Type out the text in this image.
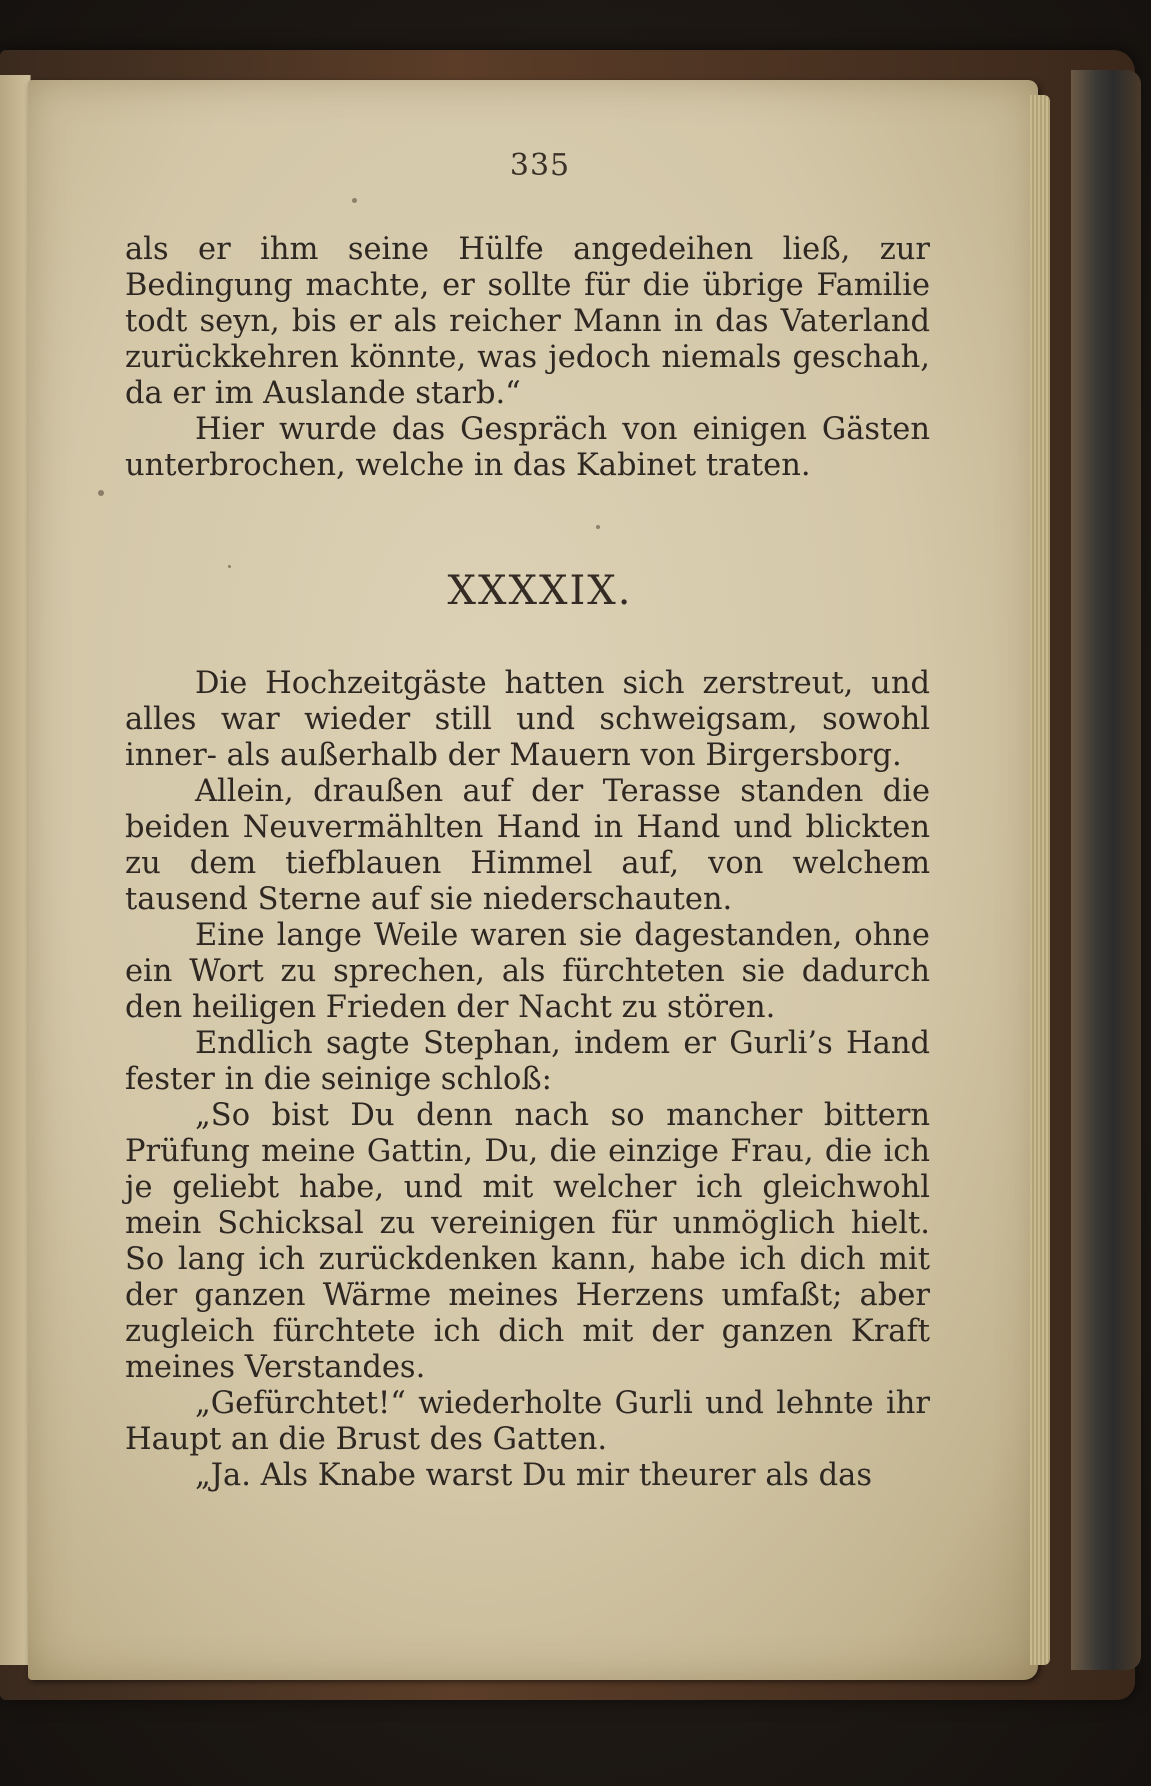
335

als er ihm seine Hülfe angedeihen ließ, zur Bedingung machte, er sollte für die übrige Familie todt seyn, bis er als reicher Mann in das Vaterland zurückkehren könnte, was jedoch niemals geschah, da er im Auslande starb.“

Hier wurde das Gespräch von einigen Gästen unterbrochen, welche in das Kabinet traten.

XXXXIX.

Die Hochzeitgäste hatten sich zerstreut, und alles war wieder still und schweigsam, sowohl inner- als außerhalb der Mauern von Birgersborg.

Allein, draußen auf der Terasse standen die beiden Neuvermählten Hand in Hand und blickten zu dem tiefblauen Himmel auf, von welchem tausend Sterne auf sie niederschauten.

Eine lange Weile waren sie dagestanden, ohne ein Wort zu sprechen, als fürchteten sie dadurch den heiligen Frieden der Nacht zu stören.

Endlich sagte Stephan, indem er Gurli’s Hand fester in die seinige schloß:

„So bist Du denn nach so mancher bittern Prüfung meine Gattin, Du, die einzige Frau, die ich je geliebt habe, und mit welcher ich gleichwohl mein Schicksal zu vereinigen für unmöglich hielt. So lang ich zurückdenken kann, habe ich dich mit der ganzen Wärme meines Herzens umfaßt; aber zugleich fürchtete ich dich mit der ganzen Kraft meines Verstandes.

„Gefürchtet!“ wiederholte Gurli und lehnte ihr Haupt an die Brust des Gatten.

„Ja. Als Knabe warst Du mir theurer als das
